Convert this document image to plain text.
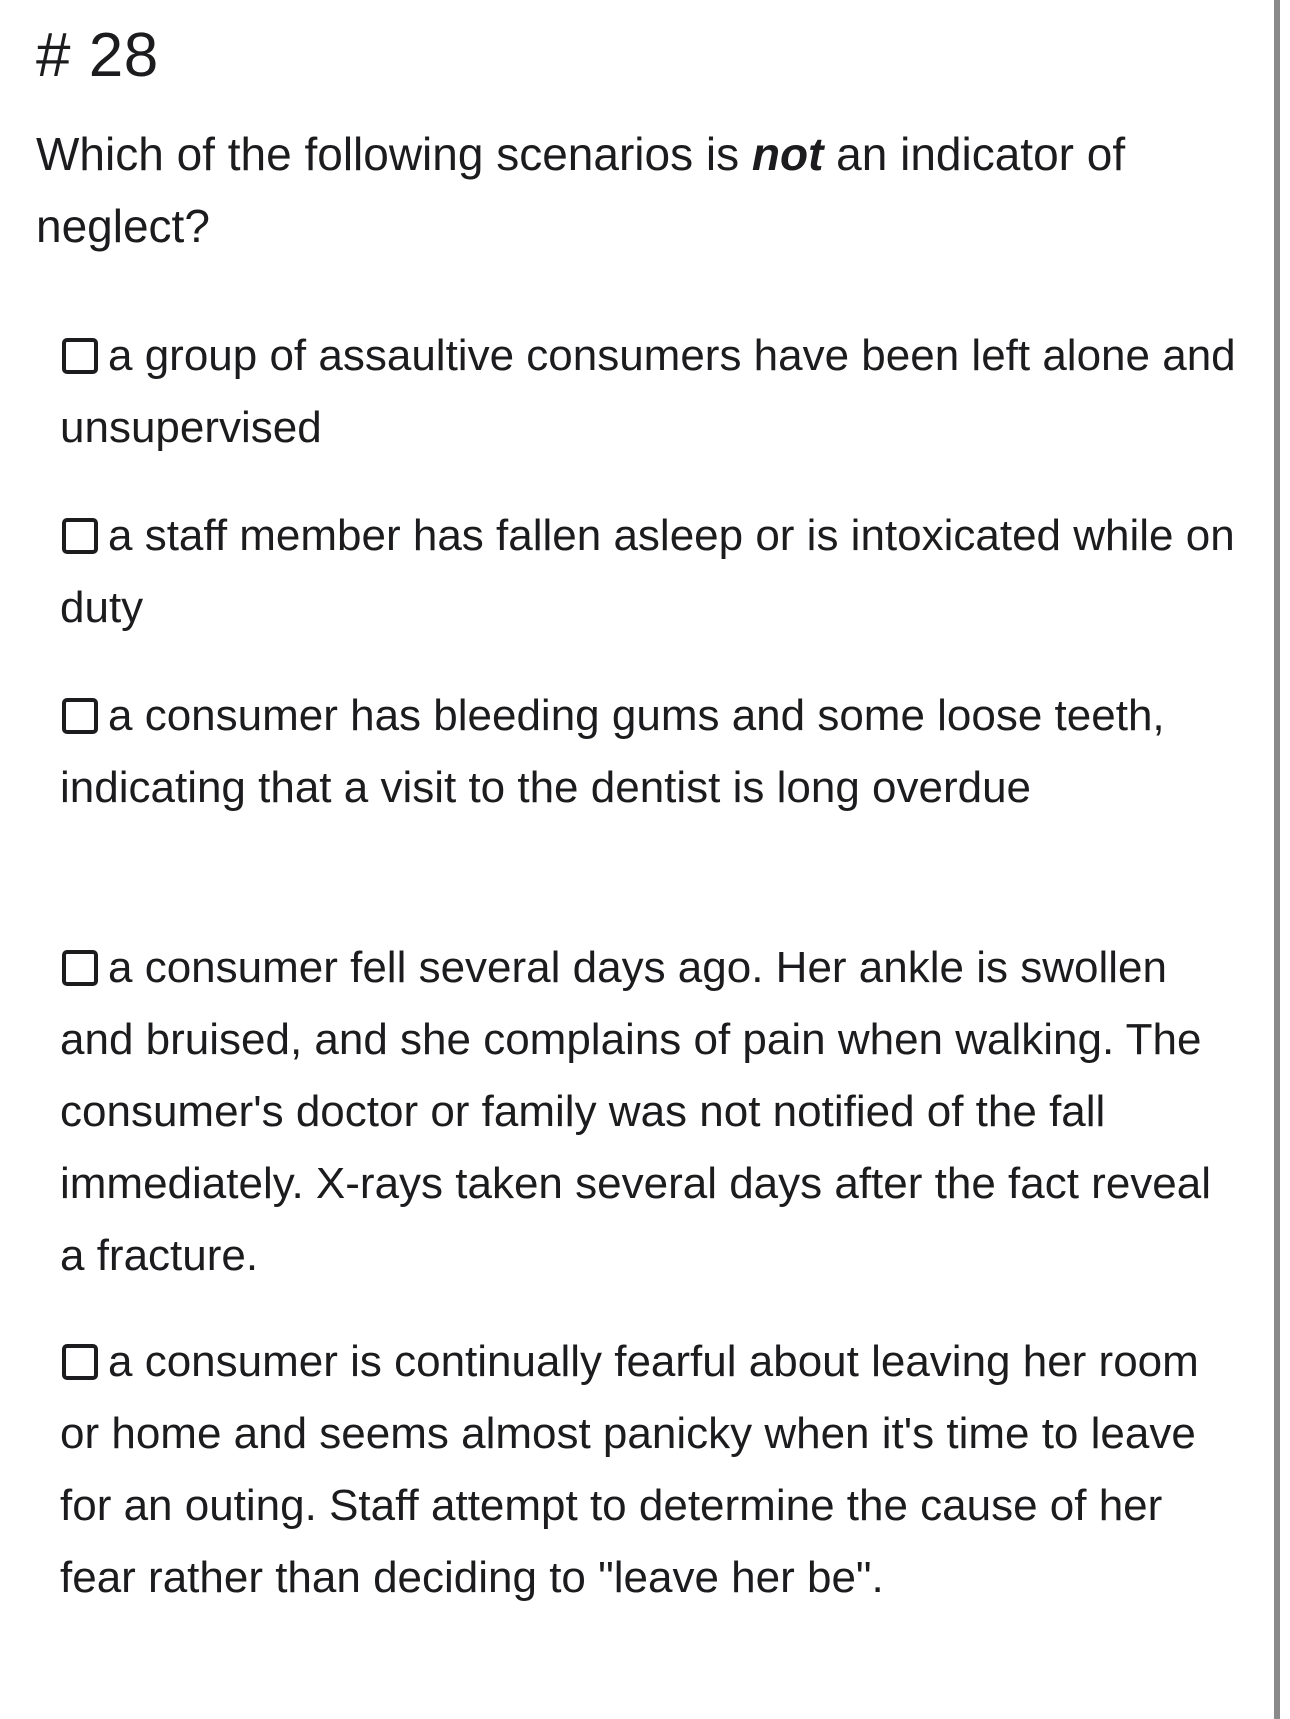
# 28
Which of the following scenarios is not an indicator of neglect?
a group of assaultive consumers have been left alone and unsupervised
a staff member has fallen asleep or is intoxicated while on duty
a consumer has bleeding gums and some loose teeth, indicating that a visit to the dentist is long overdue
a consumer fell several days ago. Her ankle is swollen and bruised, and she complains of pain when walking. The consumer's doctor or family was not notified of the fall immediately. X-rays taken several days after the fact reveal a fracture.
a consumer is continually fearful about leaving her room or home and seems almost panicky when it's time to leave for an outing. Staff attempt to determine the cause of her fear rather than deciding to "leave her be".
